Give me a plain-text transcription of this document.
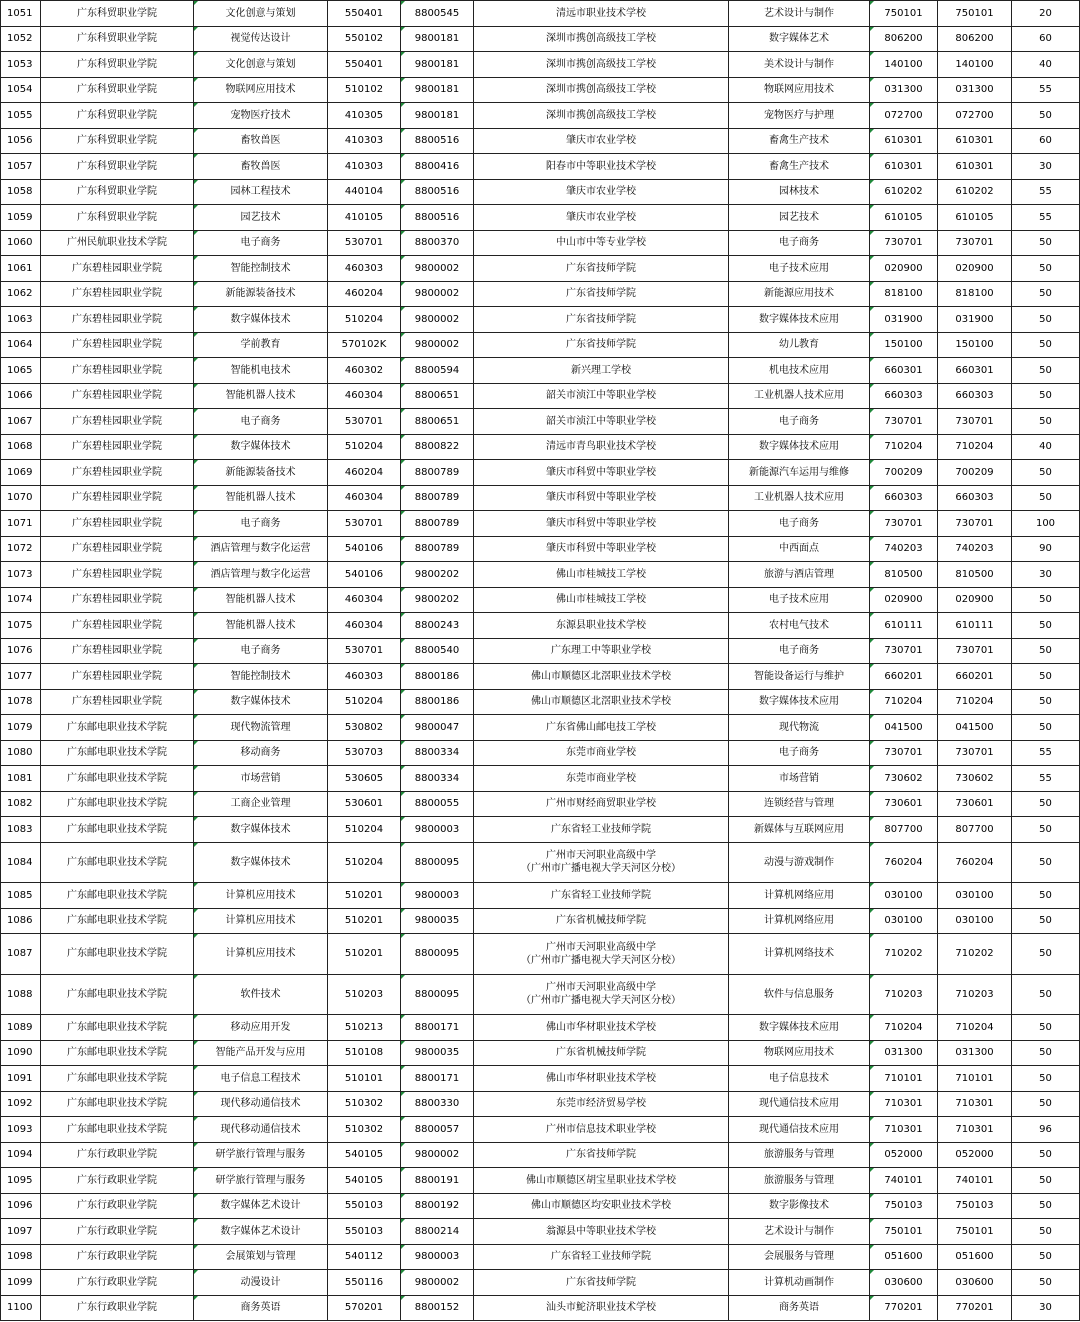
1051	广东科贸职业学院	文化创意与策划	550401	8800545	清远市职业技术学校	艺术设计与制作	750101	750101	20
1052	广东科贸职业学院	视觉传达设计	550102	9800181	深圳市携创高级技工学校	数字媒体艺术	806200	806200	60
1053	广东科贸职业学院	文化创意与策划	550401	9800181	深圳市携创高级技工学校	美术设计与制作	140100	140100	40
1054	广东科贸职业学院	物联网应用技术	510102	9800181	深圳市携创高级技工学校	物联网应用技术	031300	031300	55
1055	广东科贸职业学院	宠物医疗技术	410305	9800181	深圳市携创高级技工学校	宠物医疗与护理	072700	072700	50
1056	广东科贸职业学院	畜牧兽医	410303	8800516	肇庆市农业学校	畜禽生产技术	610301	610301	60
1057	广东科贸职业学院	畜牧兽医	410303	8800416	阳春市中等职业技术学校	畜禽生产技术	610301	610301	30
1058	广东科贸职业学院	园林工程技术	440104	8800516	肇庆市农业学校	园林技术	610202	610202	55
1059	广东科贸职业学院	园艺技术	410105	8800516	肇庆市农业学校	园艺技术	610105	610105	55
1060	广州民航职业技术学院	电子商务	530701	8800370	中山市中等专业学校	电子商务	730701	730701	50
1061	广东碧桂园职业学院	智能控制技术	460303	9800002	广东省技师学院	电子技术应用	020900	020900	50
1062	广东碧桂园职业学院	新能源装备技术	460204	9800002	广东省技师学院	新能源应用技术	818100	818100	50
1063	广东碧桂园职业学院	数字媒体技术	510204	9800002	广东省技师学院	数字媒体技术应用	031900	031900	50
1064	广东碧桂园职业学院	学前教育	570102K	9800002	广东省技师学院	幼儿教育	150100	150100	50
1065	广东碧桂园职业学院	智能机电技术	460302	8800594	新兴理工学校	机电技术应用	660301	660301	50
1066	广东碧桂园职业学院	智能机器人技术	460304	8800651	韶关市浈江中等职业学校	工业机器人技术应用	660303	660303	50
1067	广东碧桂园职业学院	电子商务	530701	8800651	韶关市浈江中等职业学校	电子商务	730701	730701	50
1068	广东碧桂园职业学院	数字媒体技术	510204	8800822	清远市青鸟职业技术学校	数字媒体技术应用	710204	710204	40
1069	广东碧桂园职业学院	新能源装备技术	460204	8800789	肇庆市科贸中等职业学校	新能源汽车运用与维修	700209	700209	50
1070	广东碧桂园职业学院	智能机器人技术	460304	8800789	肇庆市科贸中等职业学校	工业机器人技术应用	660303	660303	50
1071	广东碧桂园职业学院	电子商务	530701	8800789	肇庆市科贸中等职业学校	电子商务	730701	730701	100
1072	广东碧桂园职业学院	酒店管理与数字化运营	540106	8800789	肇庆市科贸中等职业学校	中西面点	740203	740203	90
1073	广东碧桂园职业学院	酒店管理与数字化运营	540106	9800202	佛山市桂城技工学校	旅游与酒店管理	810500	810500	30
1074	广东碧桂园职业学院	智能机器人技术	460304	9800202	佛山市桂城技工学校	电子技术应用	020900	020900	50
1075	广东碧桂园职业学院	智能机器人技术	460304	8800243	东源县职业技术学校	农村电气技术	610111	610111	50
1076	广东碧桂园职业学院	电子商务	530701	8800540	广东理工中等职业学校	电子商务	730701	730701	50
1077	广东碧桂园职业学院	智能控制技术	460303	8800186	佛山市顺德区北滘职业技术学校	智能设备运行与维护	660201	660201	50
1078	广东碧桂园职业学院	数字媒体技术	510204	8800186	佛山市顺德区北滘职业技术学校	数字媒体技术应用	710204	710204	50
1079	广东邮电职业技术学院	现代物流管理	530802	9800047	广东省佛山邮电技工学校	现代物流	041500	041500	50
1080	广东邮电职业技术学院	移动商务	530703	8800334	东莞市商业学校	电子商务	730701	730701	55
1081	广东邮电职业技术学院	市场营销	530605	8800334	东莞市商业学校	市场营销	730602	730602	55
1082	广东邮电职业技术学院	工商企业管理	530601	8800055	广州市财经商贸职业学校	连锁经营与管理	730601	730601	50
1083	广东邮电职业技术学院	数字媒体技术	510204	9800003	广东省轻工业技师学院	新媒体与互联网应用	807700	807700	50
1084	广东邮电职业技术学院	数字媒体技术	510204	8800095	广州市天河职业高级中学
（广州市广播电视大学天河区分校）	动漫与游戏制作	760204	760204	50
1085	广东邮电职业技术学院	计算机应用技术	510201	9800003	广东省轻工业技师学院	计算机网络应用	030100	030100	50
1086	广东邮电职业技术学院	计算机应用技术	510201	9800035	广东省机械技师学院	计算机网络应用	030100	030100	50
1087	广东邮电职业技术学院	计算机应用技术	510201	8800095	广州市天河职业高级中学
（广州市广播电视大学天河区分校）	计算机网络技术	710202	710202	50
1088	广东邮电职业技术学院	软件技术	510203	8800095	广州市天河职业高级中学
（广州市广播电视大学天河区分校）	软件与信息服务	710203	710203	50
1089	广东邮电职业技术学院	移动应用开发	510213	8800171	佛山市华材职业技术学校	数字媒体技术应用	710204	710204	50
1090	广东邮电职业技术学院	智能产品开发与应用	510108	9800035	广东省机械技师学院	物联网应用技术	031300	031300	50
1091	广东邮电职业技术学院	电子信息工程技术	510101	8800171	佛山市华材职业技术学校	电子信息技术	710101	710101	50
1092	广东邮电职业技术学院	现代移动通信技术	510302	8800330	东莞市经济贸易学校	现代通信技术应用	710301	710301	50
1093	广东邮电职业技术学院	现代移动通信技术	510302	8800057	广州市信息技术职业学校	现代通信技术应用	710301	710301	96
1094	广东行政职业学院	研学旅行管理与服务	540105	9800002	广东省技师学院	旅游服务与管理	052000	052000	50
1095	广东行政职业学院	研学旅行管理与服务	540105	8800191	佛山市顺德区胡宝星职业技术学校	旅游服务与管理	740101	740101	50
1096	广东行政职业学院	数字媒体艺术设计	550103	8800192	佛山市顺德区均安职业技术学校	数字影像技术	750103	750103	50
1097	广东行政职业学院	数字媒体艺术设计	550103	8800214	翁源县中等职业技术学校	艺术设计与制作	750101	750101	50
1098	广东行政职业学院	会展策划与管理	540112	9800003	广东省轻工业技师学院	会展服务与管理	051600	051600	50
1099	广东行政职业学院	动漫设计	550116	9800002	广东省技师学院	计算机动画制作	030600	030600	50
1100	广东行政职业学院	商务英语	570201	8800152	汕头市鮀济职业技术学校	商务英语	770201	770201	30
